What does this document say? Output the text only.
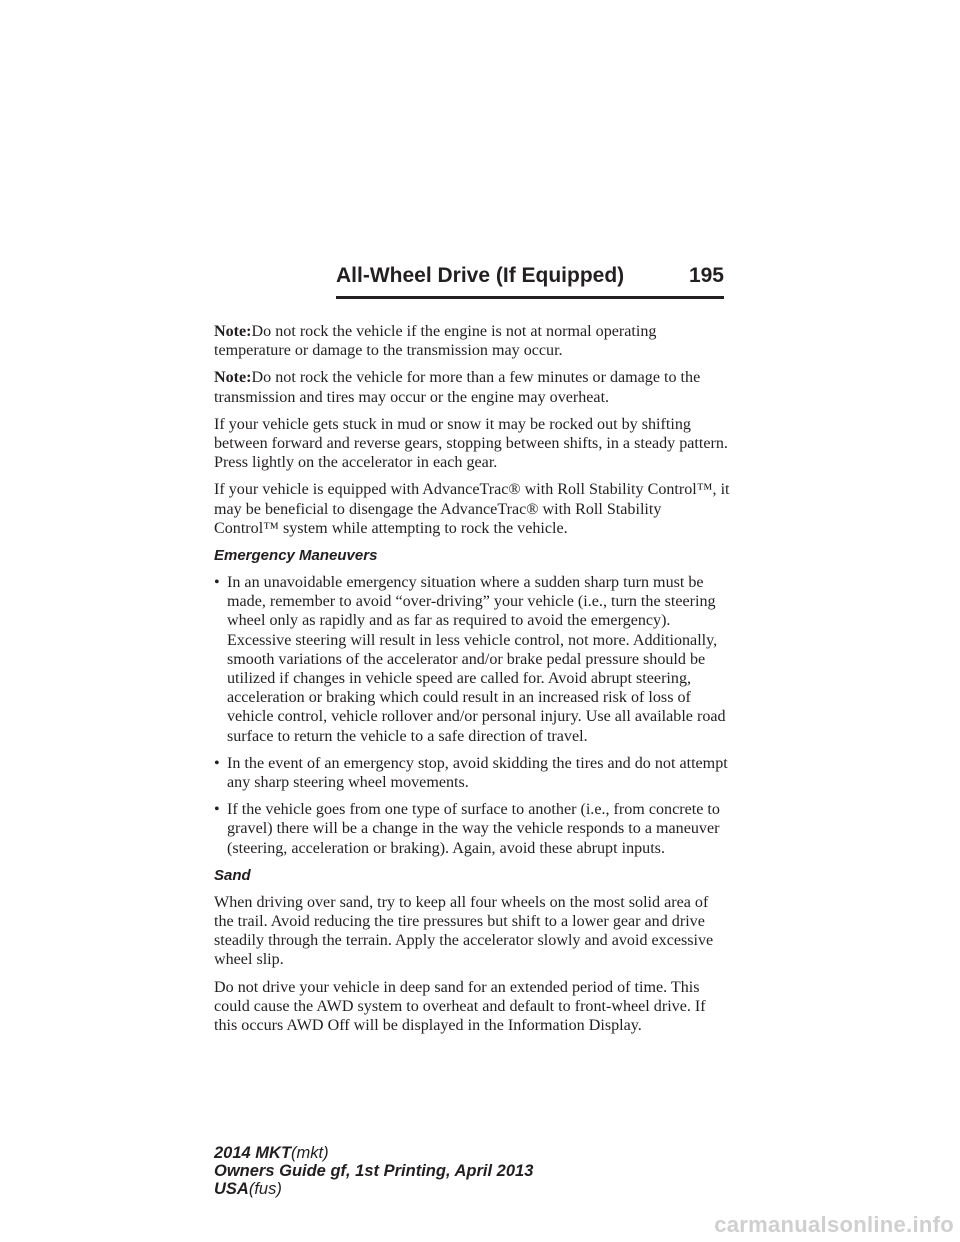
All-Wheel Drive (If Equipped)	195

Note:Do not rock the vehicle if the engine is not at normal operating temperature or damage to the transmission may occur.

Note:Do not rock the vehicle for more than a few minutes or damage to the transmission and tires may occur or the engine may overheat.

If your vehicle gets stuck in mud or snow it may be rocked out by shifting between forward and reverse gears, stopping between shifts, in a steady pattern. Press lightly on the accelerator in each gear.

If your vehicle is equipped with AdvanceTrac® with Roll Stability Control™, it may be beneficial to disengage the AdvanceTrac® with Roll Stability Control™ system while attempting to rock the vehicle.

Emergency Maneuvers
• In an unavoidable emergency situation where a sudden sharp turn must be made, remember to avoid “over-driving” your vehicle (i.e., turn the steering wheel only as rapidly and as far as required to avoid the emergency). Excessive steering will result in less vehicle control, not more. Additionally, smooth variations of the accelerator and/or brake pedal pressure should be utilized if changes in vehicle speed are called for. Avoid abrupt steering, acceleration or braking which could result in an increased risk of loss of vehicle control, vehicle rollover and/or personal injury. Use all available road surface to return the vehicle to a safe direction of travel.
• In the event of an emergency stop, avoid skidding the tires and do not attempt any sharp steering wheel movements.
• If the vehicle goes from one type of surface to another (i.e., from concrete to gravel) there will be a change in the way the vehicle responds to a maneuver (steering, acceleration or braking). Again, avoid these abrupt inputs.
Sand

When driving over sand, try to keep all four wheels on the most solid area of the trail. Avoid reducing the tire pressures but shift to a lower gear and drive steadily through the terrain. Apply the accelerator slowly and avoid excessive wheel slip.

Do not drive your vehicle in deep sand for an extended period of time. This could cause the AWD system to overheat and default to front-wheel drive. If this occurs AWD Off will be displayed in the Information Display.

2014 MKT(mkt)
Owners Guide gf, 1st Printing, April 2013
USA(fus)
carmanualsonline.info
